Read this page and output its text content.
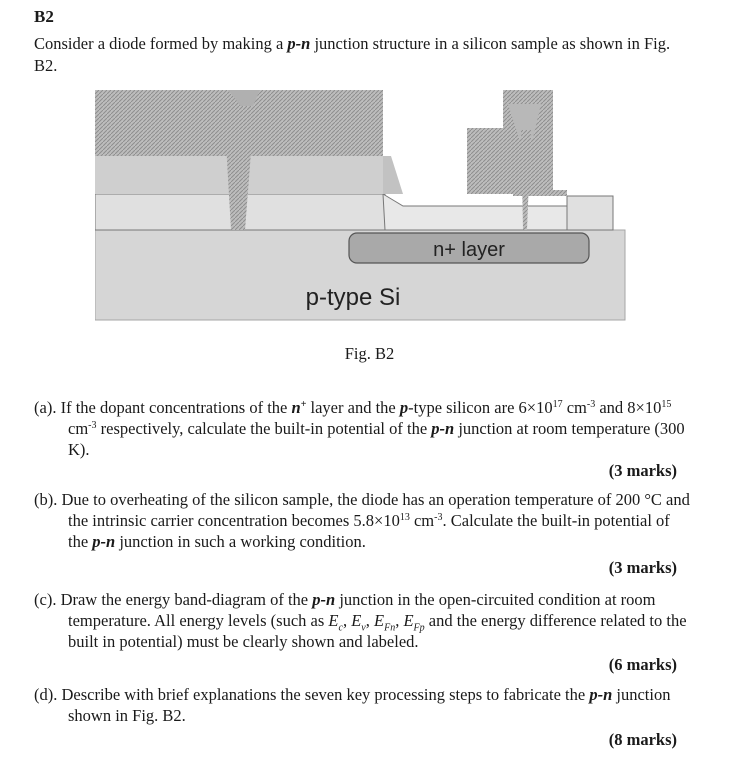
B2
Consider a diode formed by making a p-n junction structure in a silicon sample as shown in Fig. B2.
n+ layer
p-type Si
Fig. B2
(a). If the dopant concentrations of the n+ layer and the p-type silicon are $6\times 10^{17}$ $cm^{-3}$ and $8\times 10^{15}$ $cm^{-3}$ respectively, calculate the built-in potential of the p-n junction at room temperature (300 K).
(3 marks)
(b). Due to overheating of the silicon sample, the diode has an operation temperature of 200 °C and the intrinsic carrier concentration becomes $5.8\times 10^{13}$ $cm^{-3}$. Calculate the built-in potential of the p-n junction in such a working condition.
(3 marks)
(c). Draw the energy band-diagram of the p-n junction in the open-circuited condition at room temperature. All energy levels (such as $E_c$, $E_v$, $E_{Fn}$, $E_{Fp}$ and the energy difference related to the built in potential) must be clearly shown and labeled.
(6 marks)
(d). Describe with brief explanations the seven key processing steps to fabricate the p-n junction shown in Fig. B2.
(8 marks)
